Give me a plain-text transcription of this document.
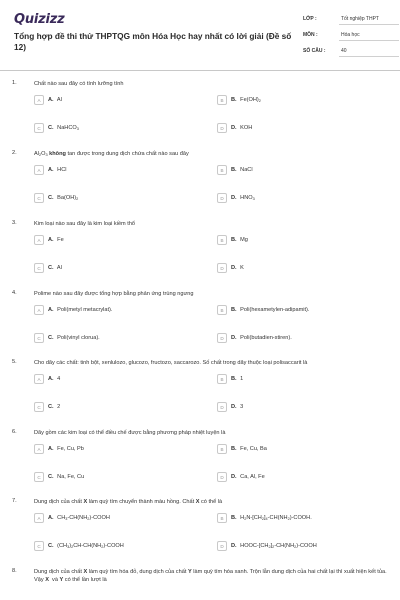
Quizizz
Tổng hợp đề thi thử THPTQG môn Hóa Học hay nhất có lời giải (Đề số 12)
LỚP :	Tốt nghiệp THPT
MÔN :	Hóa học
SỐ CÂU :	40
1.	Chất nào sau đây có tính lưỡng tính
A	A. Al	B	B. $Fe(OH)_2$
C	C. NaHCO$_3$	D	D. KOH
2.	$Al_2O_3$ không tan được trong dung dịch chứa chất nào sau đây
A	A. HCl	B	B. NaCl
C	C. $Ba(OH)_2$	D	D. $HNO_3$
3.	Kim loại nào sau đây là kim loại kiềm thổ
A	A. Fe	B	B. Mg
C	C. Al	D	D. K
4.	Polime nào sau đây được tổng hợp bằng phản ứng trùng ngưng
A	A. Poli(metyl metacrylat).	B	B. Poli(hexametylen-adipamit).
C	C. Poli(vinyl clorua).	D	D. Poli(butadien-stiren).
5.	Cho dãy các chất: tinh bột, xenlulozo, glucozo, fructozo, saccarozo. Số chất trong dãy thuộc loại polisaccarit là
A	A. 4	B	B. 1
C	C. 2	D	D. 3
6.	Dãy gồm các kim loại có thể điều chế được bằng phương pháp nhiệt luyện là
A	A. Fe, Cu, Pb	B	B. Fe, Cu, Ba
C	C. Na, Fe, Cu	D	D. Ca, Al, Fe
7.	Dung dịch của chất X làm quỳ tím chuyển thành màu hồng. Chất X có thể là
A	A. $CH_3-CH(NH_2)$-COOH	B	B. $H_2N-[CH_2]_4-CH(NH_2)$-COOH.
C	C. $(CH_3)_2CH-CH(NH_2)$-COOH	D	D. HOOC-$[CH_2]_2-CH(NH_2)$-COOH
8.	Dung dịch của chất X làm quỳ tím hóa đỏ, dung dịch của chất Y làm quỳ tím hóa xanh. Trộn lẫn dung dịch của hai chất lại thì xuất hiện kết tủa. Vậy X  và Y có thể lần lượt là
